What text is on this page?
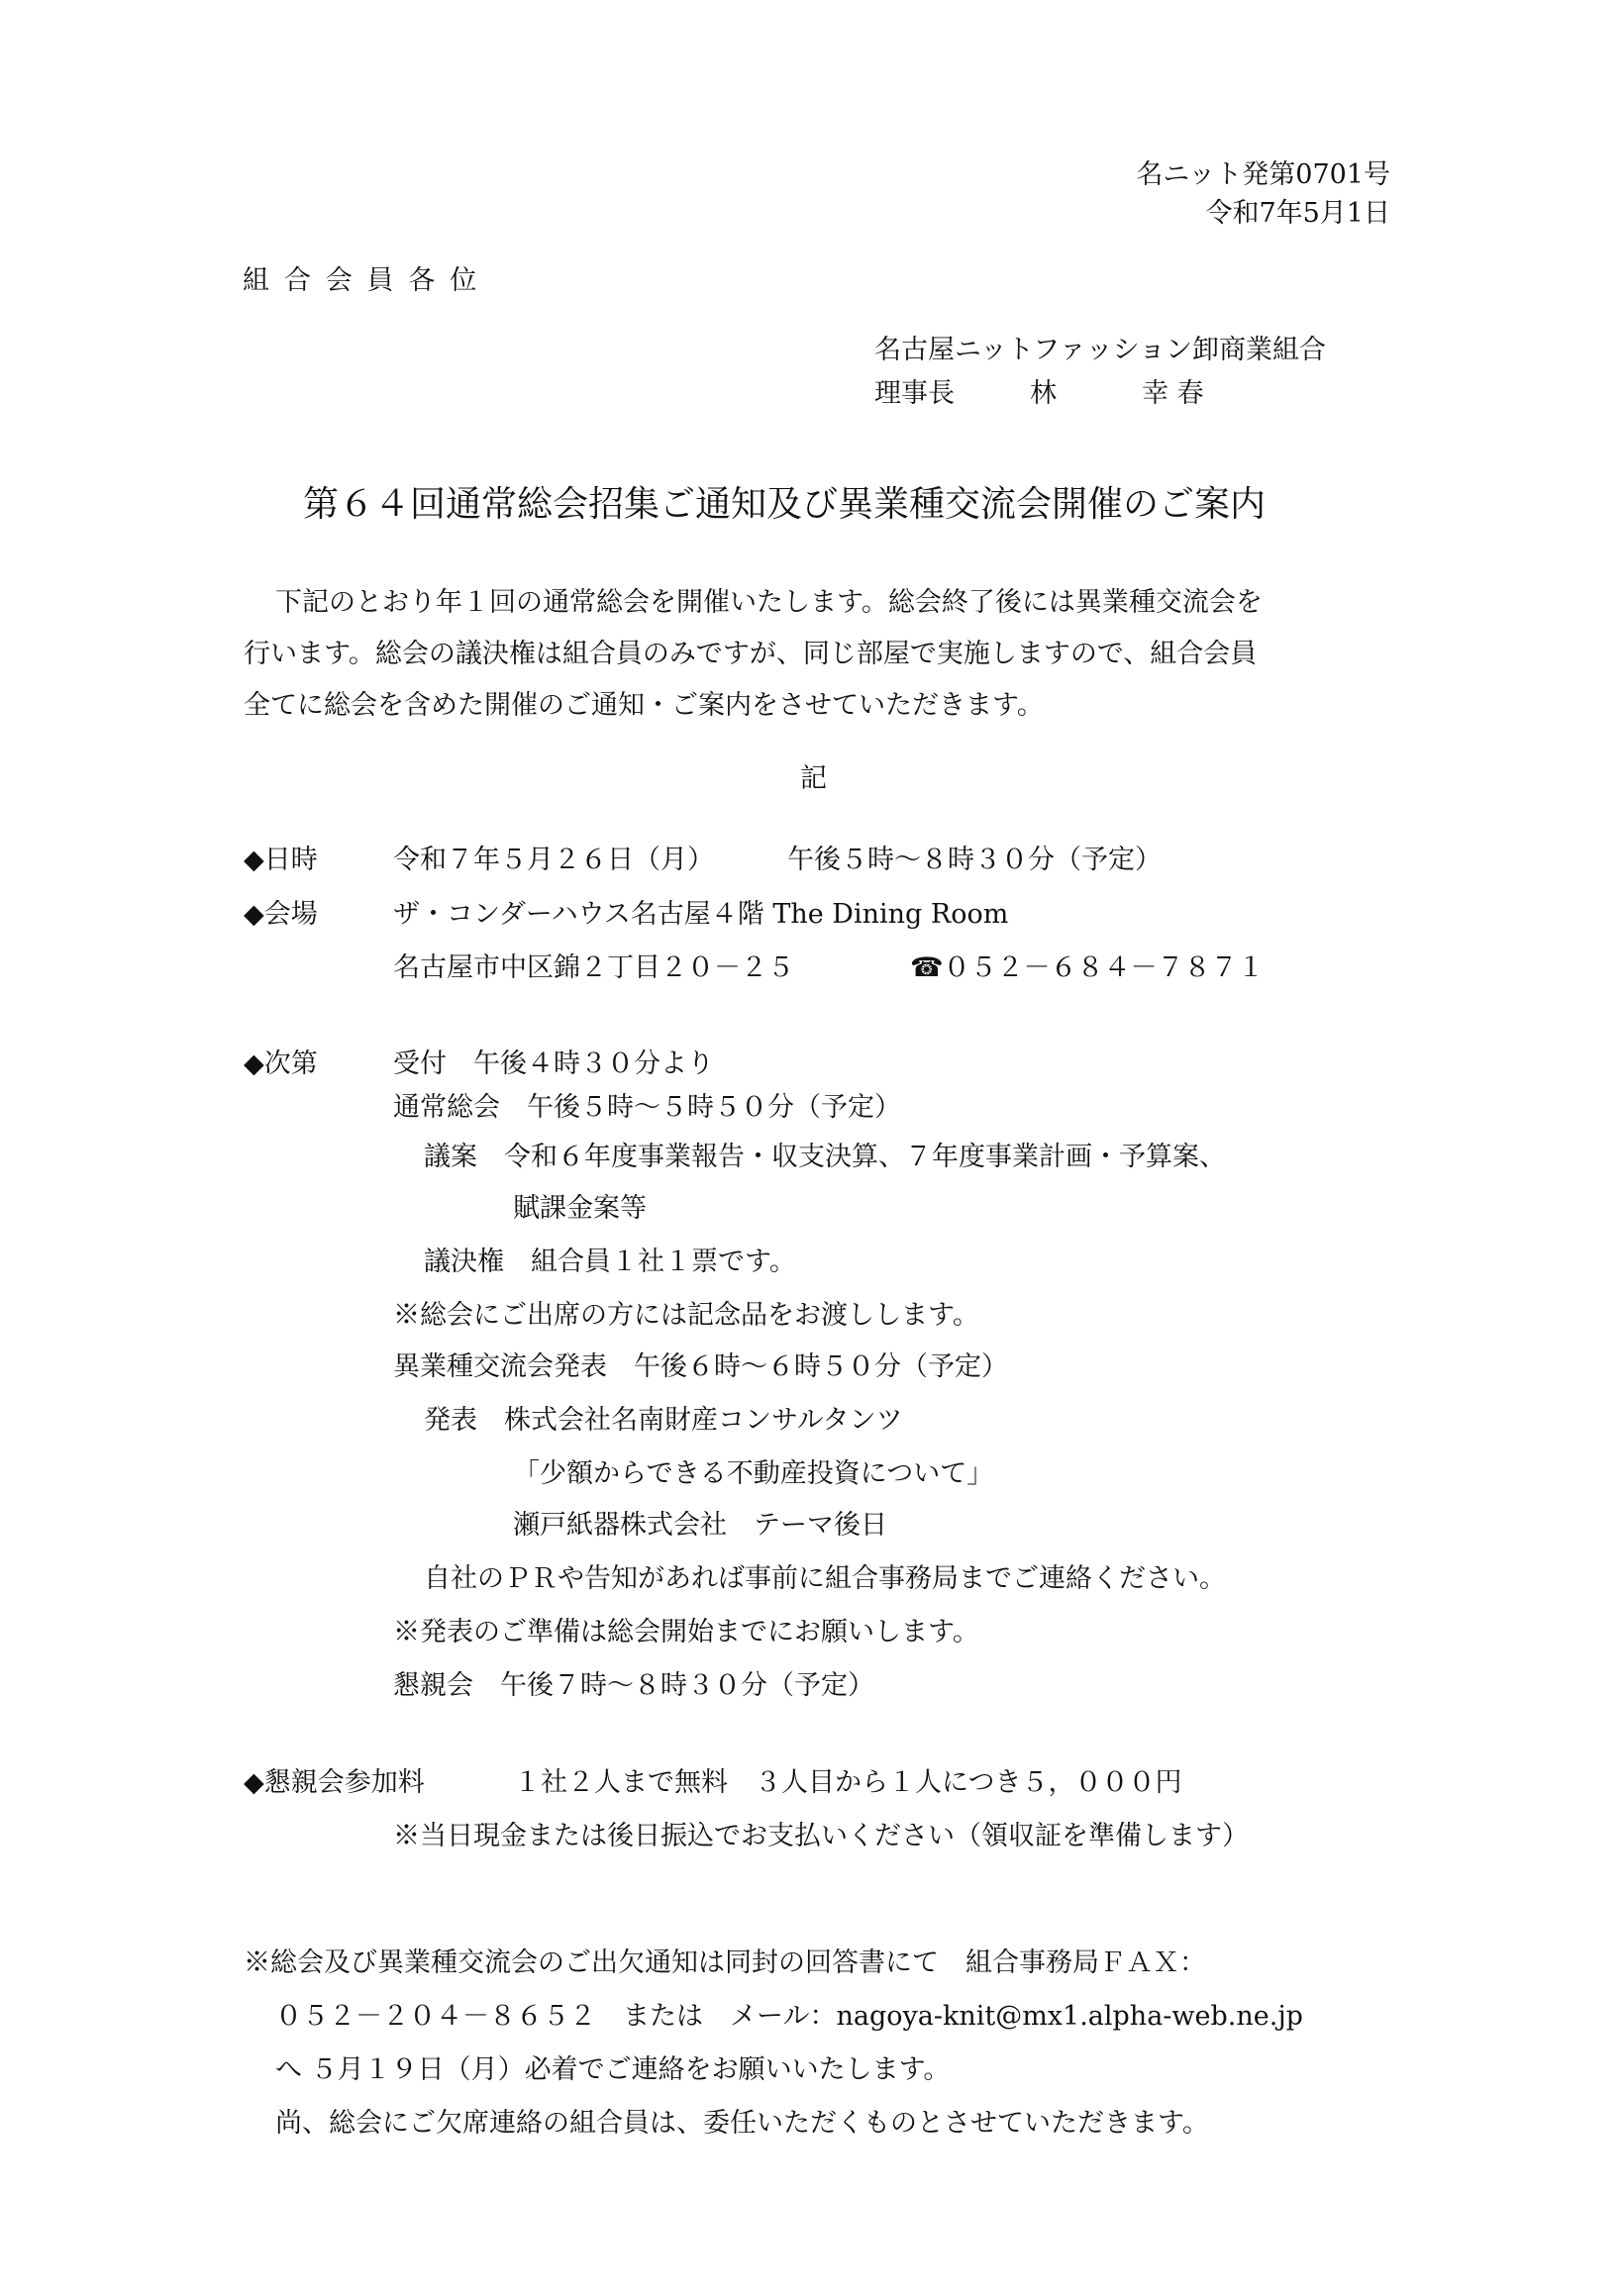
名ニット発第0701号
令和7年5月1日
組合会員各位
名古屋ニットファッション卸商業組合
理事長	林	幸 春
第６４回通常総会招集ご通知及び異業種交流会開催のご案内
下記のとおり年１回の通常総会を開催いたします。総会終了後には異業種交流会を
行います。総会の議決権は組合員のみですが、同じ部屋で実施しますので、組合会員
全てに総会を含めた開催のご通知・ご案内をさせていただきます。
記
◆日時	令和７年５月２６日（月）	午後５時～８時３０分（予定）
◆会場	ザ・コンダーハウス名古屋４階 The Dining Room
名古屋市中区錦２丁目２０－２５	☎０５２－６８４－７８７１
◆次第	受付　午後４時３０分より
通常総会　午後５時～５時５０分（予定）
議案　令和６年度事業報告・収支決算、７年度事業計画・予算案、
賦課金案等
議決権　組合員１社１票です。
※総会にご出席の方には記念品をお渡しします。
異業種交流会発表　午後６時～６時５０分（予定）
発表　株式会社名南財産コンサルタンツ
「少額からできる不動産投資について」
瀬戸紙器株式会社　テーマ後日
自社のＰＲや告知があれば事前に組合事務局までご連絡ください。
※発表のご準備は総会開始までにお願いします。
懇親会　午後７時～８時３０分（予定）
◆懇親会参加料	１社２人まで無料　３人目から１人につき５，０００円
※当日現金または後日振込でお支払いください（領収証を準備します）
※総会及び異業種交流会のご出欠通知は同封の回答書にて　組合事務局ＦＡＸ：
０５２－２０４－８６５２　または　メール：nagoya-knit@mx1.alpha-web.ne.jp
へ ５月１９日（月）必着でご連絡をお願いいたします。
尚、総会にご欠席連絡の組合員は、委任いただくものとさせていただきます。
